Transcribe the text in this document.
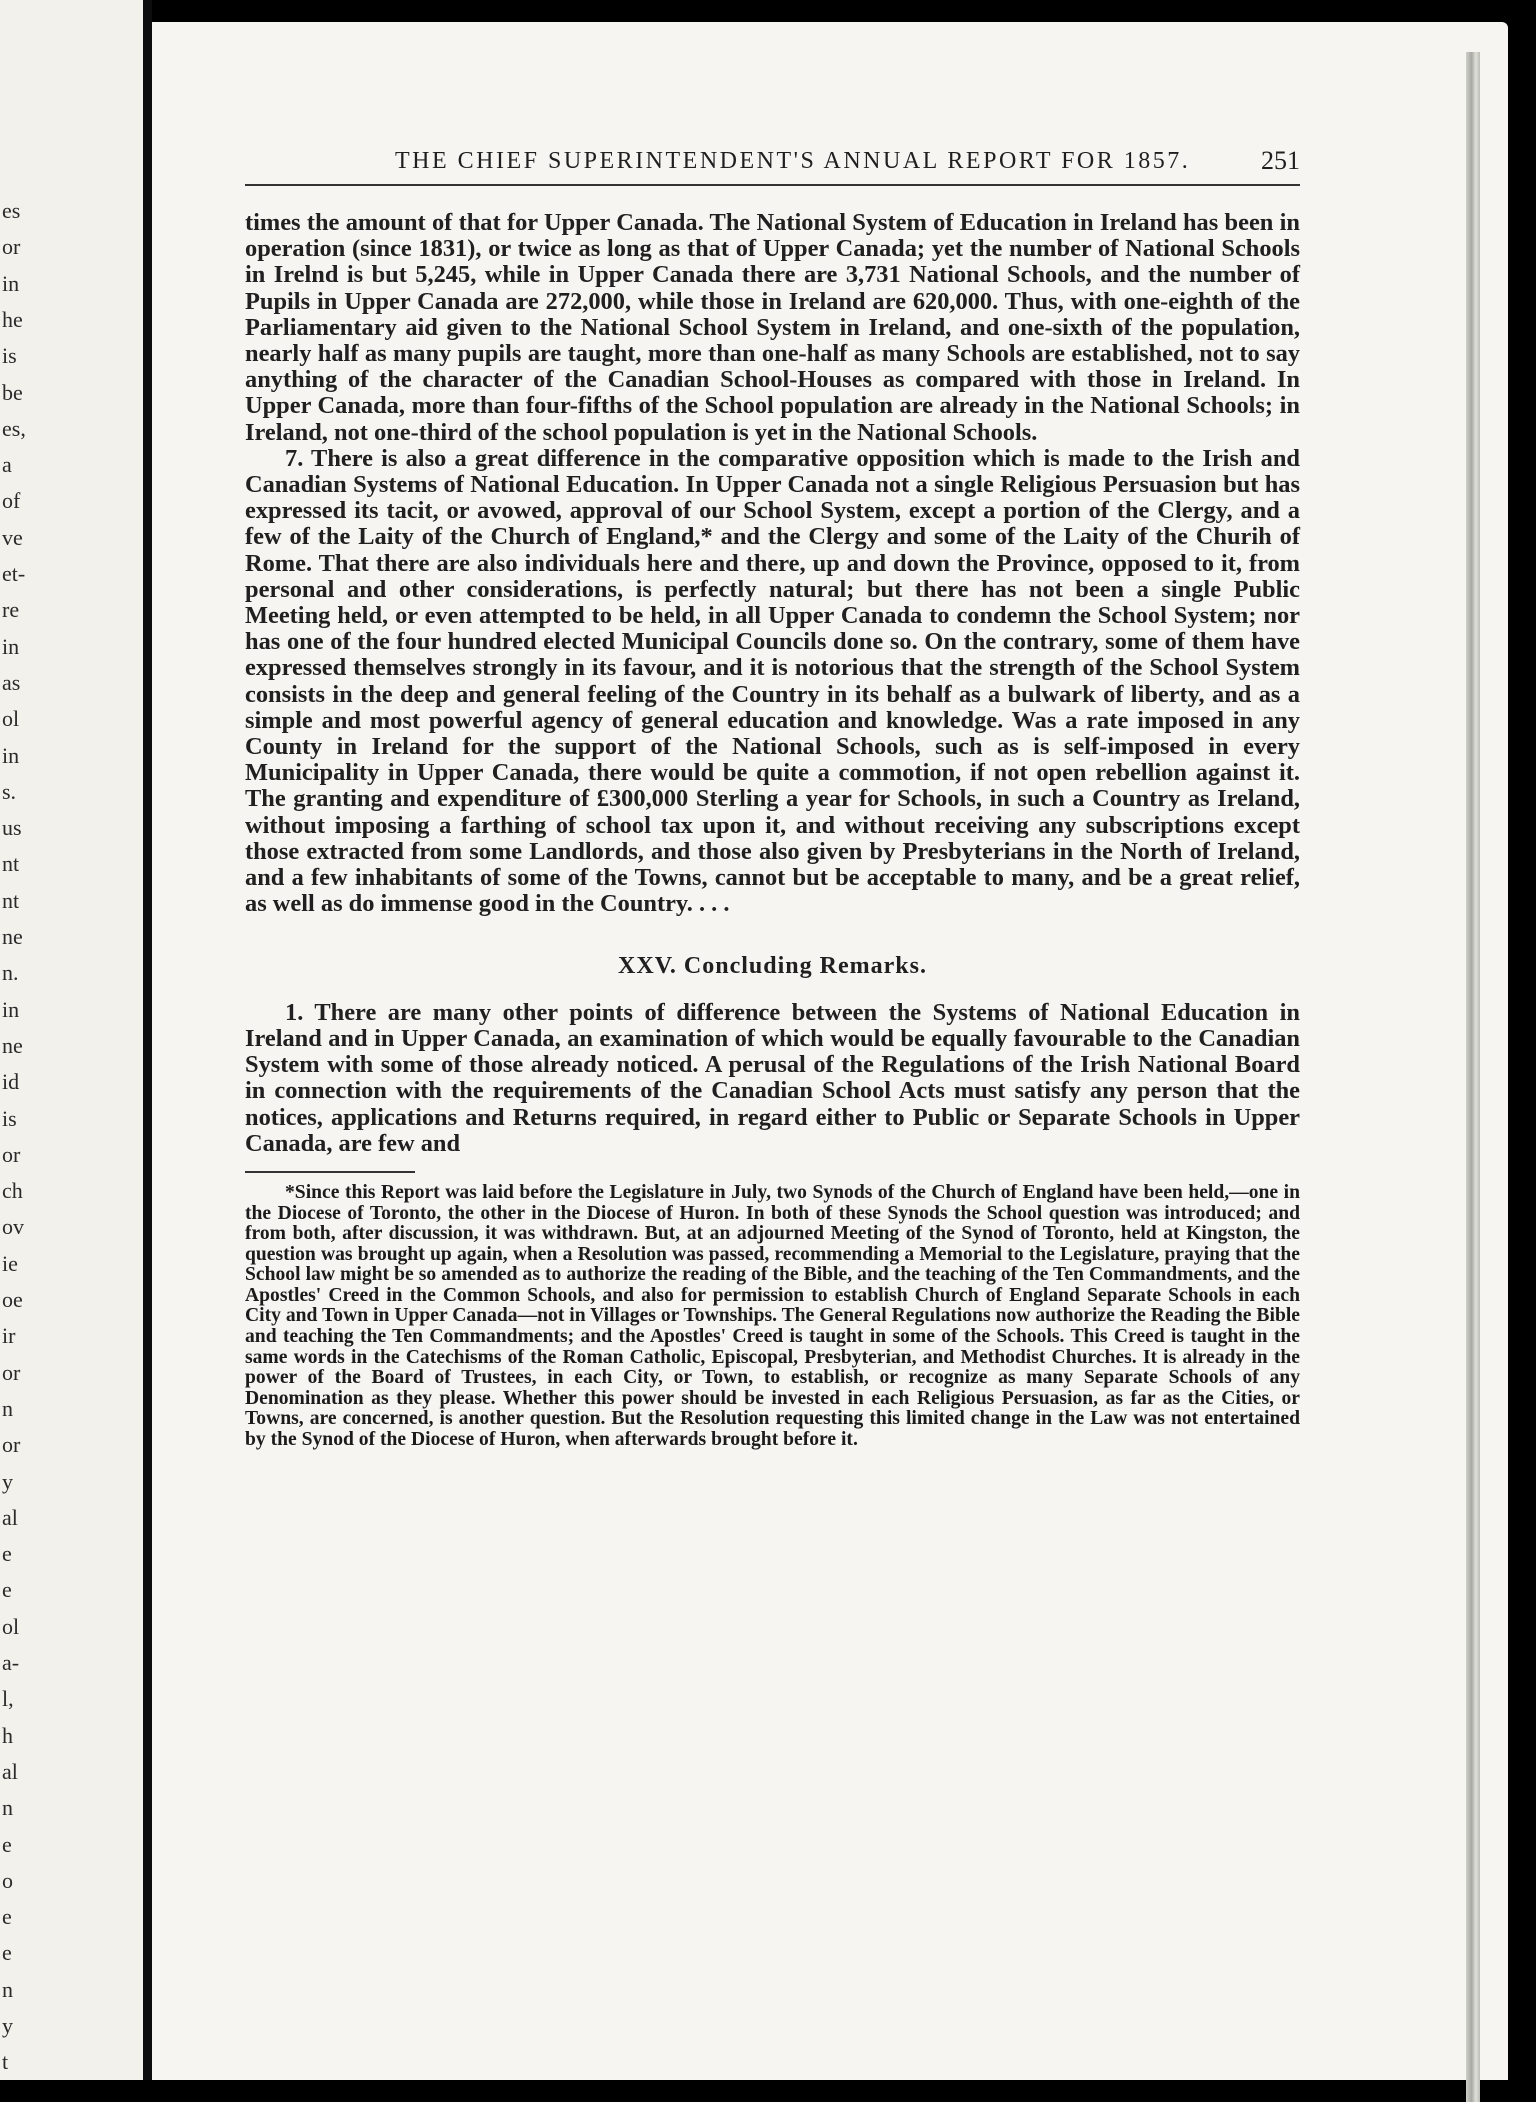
es
or
in
he
is
be
es,
a
of
ve
et-
re
in
as
ol
in
s.
us
nt
nt
ne
n.
in
ne
id
is
or
ch
ov
ie
oe
ir
or
n
or
y
al
e
e
ol
a-
l,
h
al
n
e
o
e
e
n
y
t
THE CHIEF SUPERINTENDENT'S ANNUAL REPORT FOR 1857.	251

times the amount of that for Upper Canada. The National System of Education in Ireland has been in operation (since 1831), or twice as long as that of Upper Canada; yet the number of National Schools in Irelnd is but 5,245, while in Upper Canada there are 3,731 National Schools, and the number of Pupils in Upper Canada are 272,000, while those in Ireland are 620,000. Thus, with one-eighth of the Parliamentary aid given to the National School System in Ireland, and one-sixth of the population, nearly half as many pupils are taught, more than one-half as many Schools are established, not to say anything of the character of the Canadian School-Houses as compared with those in Ireland. In Upper Canada, more than four-fifths of the School population are already in the National Schools; in Ireland, not one-third of the school population is yet in the National Schools.

7. There is also a great difference in the comparative opposition which is made to the Irish and Canadian Systems of National Education. In Upper Canada not a single Religious Persuasion but has expressed its tacit, or avowed, approval of our School System, except a portion of the Clergy, and a few of the Laity of the Church of England,* and the Clergy and some of the Laity of the Churih of Rome. That there are also individuals here and there, up and down the Province, opposed to it, from personal and other considerations, is perfectly natural; but there has not been a single Public Meeting held, or even attempted to be held, in all Upper Canada to condemn the School System; nor has one of the four hundred elected Municipal Councils done so. On the contrary, some of them have expressed themselves strongly in its favour, and it is notorious that the strength of the School System consists in the deep and general feeling of the Country in its behalf as a bulwark of liberty, and as a simple and most powerful agency of general education and knowledge. Was a rate imposed in any County in Ireland for the support of the National Schools, such as is self-imposed in every Municipality in Upper Canada, there would be quite a commotion, if not open rebellion against it. The granting and expenditure of £300,000 Sterling a year for Schools, in such a Country as Ireland, without imposing a farthing of school tax upon it, and without receiving any subscriptions except those extracted from some Landlords, and those also given by Presbyterians in the North of Ireland, and a few inhabitants of some of the Towns, cannot but be acceptable to many, and be a great relief, as well as do immense good in the Country. . . .

XXV. Concluding Remarks.

1. There are many other points of difference between the Systems of National Education in Ireland and in Upper Canada, an examination of which would be equally favourable to the Canadian System with some of those already noticed. A perusal of the Regulations of the Irish National Board in connection with the requirements of the Canadian School Acts must satisfy any person that the notices, applications and Returns required, in regard either to Public or Separate Schools in Upper Canada, are few and

*Since this Report was laid before the Legislature in July, two Synods of the Church of England have been held,—one in the Diocese of Toronto, the other in the Diocese of Huron. In both of these Synods the School question was introduced; and from both, after discussion, it was withdrawn. But, at an adjourned Meeting of the Synod of Toronto, held at Kingston, the question was brought up again, when a Resolution was passed, recommending a Memorial to the Legislature, praying that the School law might be so amended as to authorize the reading of the Bible, and the teaching of the Ten Commandments, and the Apostles' Creed in the Common Schools, and also for permission to establish Church of England Separate Schools in each City and Town in Upper Canada—not in Villages or Townships. The General Regulations now authorize the Reading the Bible and teaching the Ten Commandments; and the Apostles' Creed is taught in some of the Schools. This Creed is taught in the same words in the Catechisms of the Roman Catholic, Episcopal, Presbyterian, and Methodist Churches. It is already in the power of the Board of Trustees, in each City, or Town, to establish, or recognize as many Separate Schools of any Denomination as they please. Whether this power should be invested in each Religious Persuasion, as far as the Cities, or Towns, are concerned, is another question. But the Resolution requesting this limited change in the Law was not entertained by the Synod of the Diocese of Huron, when afterwards brought before it.
